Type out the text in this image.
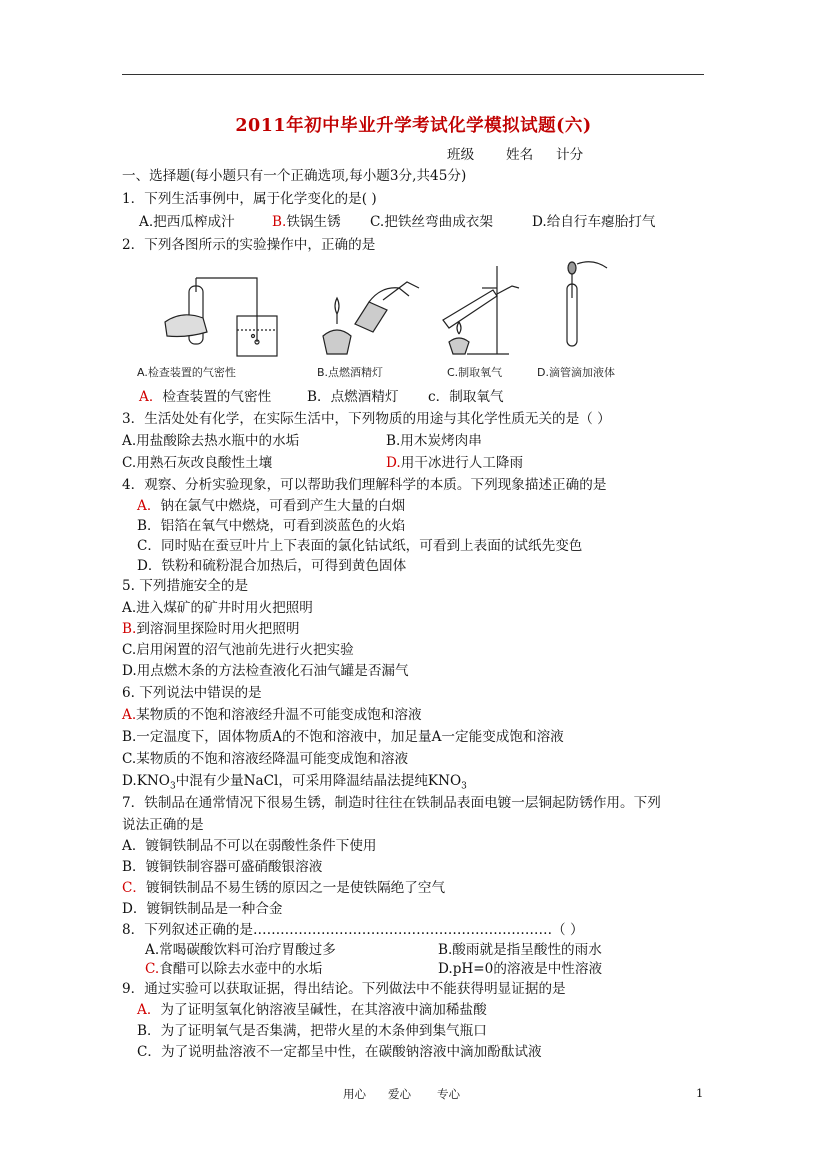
2011年初中毕业升学考试化学模拟试题(六)
班级 姓名 计分
一、选择题(每小题只有一个正确选项,每小题3分,共45分)
1．下列生活事例中，属于化学变化的是( )
A.把西瓜榨成汁	B.铁锅生锈 C.把铁丝弯曲成衣架	D.给自行车瘪胎打气
2．下列各图所示的实验操作中，正确的是
A.检查装置的气密性	B.点燃酒精灯	C.制取氧气	D.滴管滴加液体
A．检查装置的气密性	B．点燃酒精灯 c．制取氧气
3．生活处处有化学，在实际生活中，下列物质的用途与其化学性质无关的是（ ）
A.用盐酸除去热水瓶中的水垢	B.用木炭烤肉串
C.用熟石灰改良酸性土壤	D.用干冰进行人工降雨
4．观察、分析实验现象，可以帮助我们理解科学的本质。下列现象描述正确的是
A．钠在氯气中燃烧，可看到产生大量的白烟
B．铝箔在氧气中燃烧，可看到淡蓝色的火焰
C．同时贴在蚕豆叶片上下表面的氯化钴试纸，可看到上表面的试纸先变色
D．铁粉和硫粉混合加热后，可得到黄色固体
5. 下列措施安全的是
A.进入煤矿的矿井时用火把照明
B.到溶洞里探险时用火把照明
C.启用闲置的沼气池前先进行火把实验
D.用点燃木条的方法检查液化石油气罐是否漏气
6. 下列说法中错误的是
A.某物质的不饱和溶液经升温不可能变成饱和溶液
B.一定温度下，固体物质A的不饱和溶液中，加足量A一定能变成饱和溶液
C.某物质的不饱和溶液经降温可能变成饱和溶液
$D.KNO_3$中混有少量NaCl，可采用降温结晶法提纯$KNO_3$
7．铁制品在通常情况下很易生锈，制造时往往在铁制品表面电镀一层铜起防锈作用。下列
说法正确的是
A．镀铜铁制品不可以在弱酸性条件下使用
B．镀铜铁制容器可盛硝酸银溶液
C．镀铜铁制品不易生锈的原因之一是使铁隔绝了空气
D．镀铜铁制品是一种合金
8．下列叙述正确的是…………………………………………………………（ ）
A.常喝碳酸饮料可治疗胃酸过多	B.酸雨就是指呈酸性的雨水
C.食醋可以除去水壶中的水垢	D.pH=0的溶液是中性溶液
9．通过实验可以获取证据，得出结论。下列做法中不能获得明显证据的是
A．为了证明氢氧化钠溶液呈碱性，在其溶液中滴加稀盐酸
B．为了证明氧气是否集满，把带火星的木条伸到集气瓶口
C．为了说明盐溶液不一定都呈中性，在碳酸钠溶液中滴加酚酞试液
用心 爱心 专心	1
